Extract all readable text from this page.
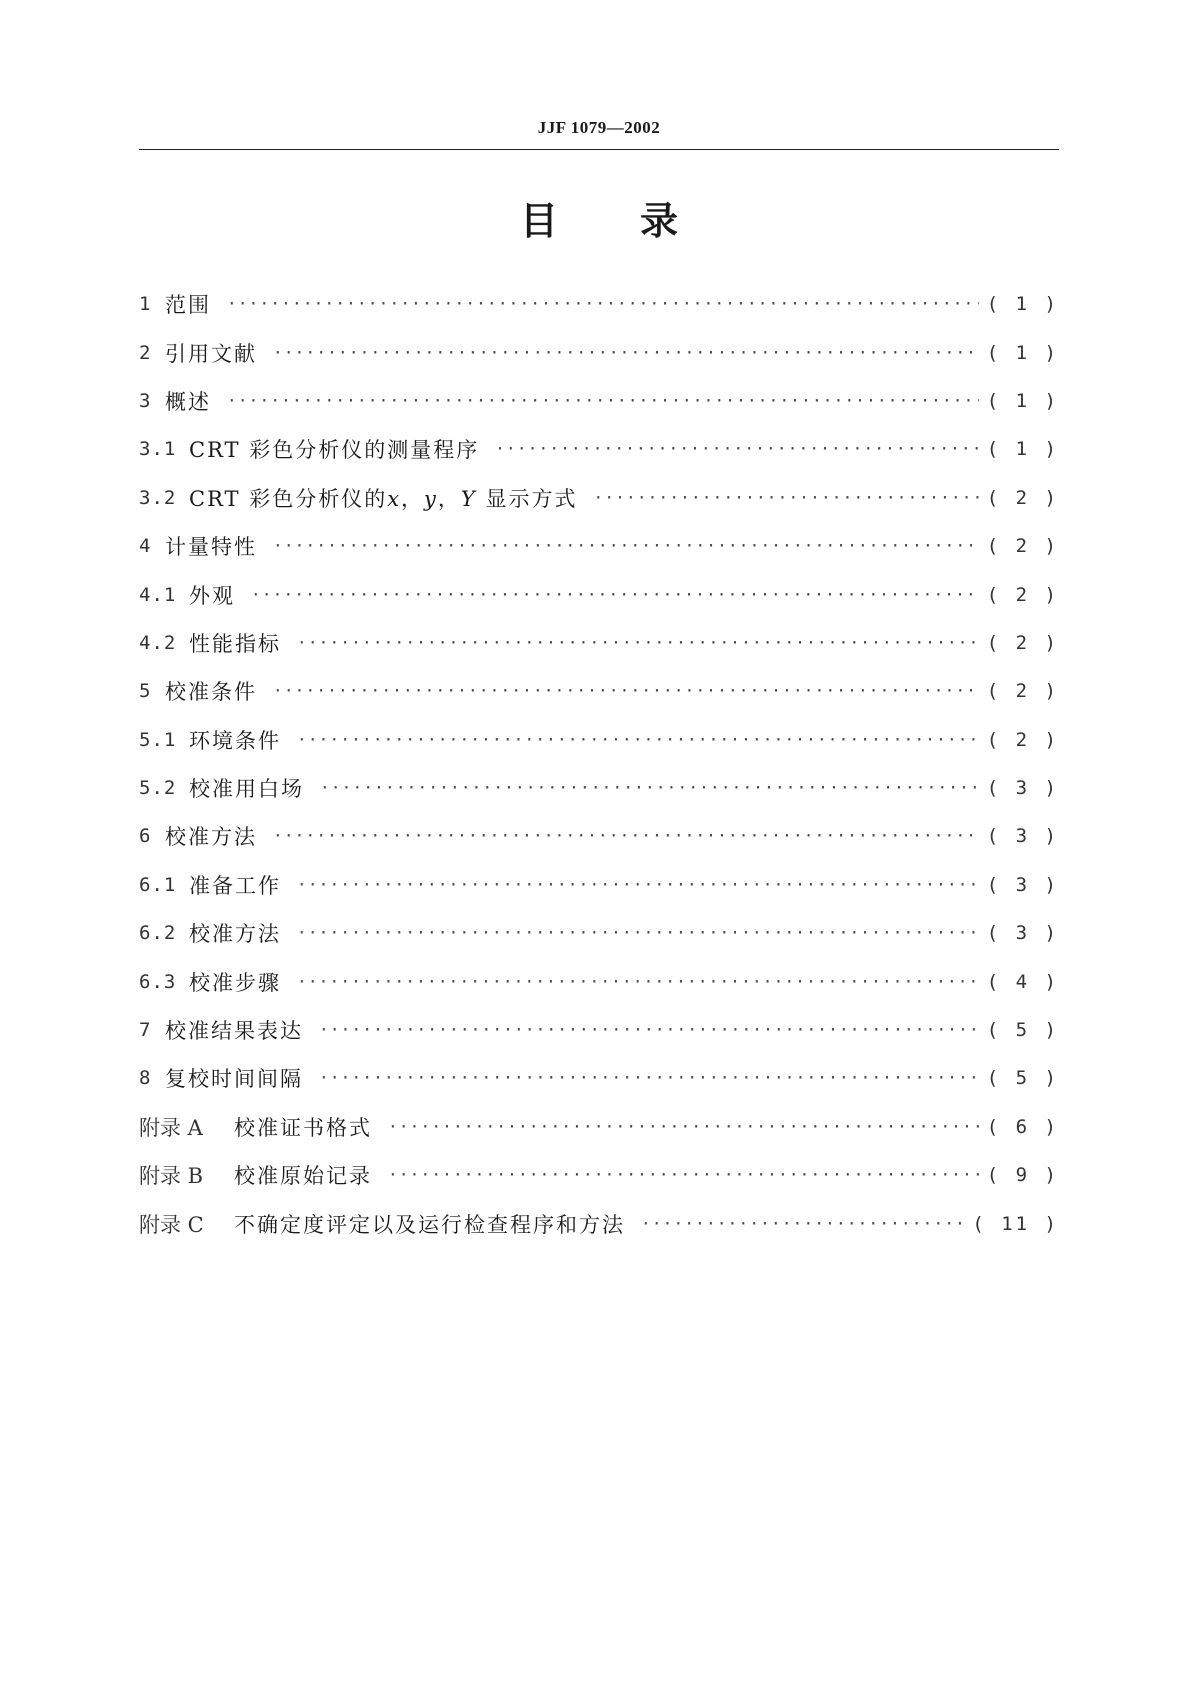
JJF 1079—2002
目 录
1 范围 ·····	( 1 )
2 引用文献 ·····	( 1 )
3 概述 ·····	( 1 )
3.1 CRT 彩色分析仪的测量程序 ·····	( 1 )
3.2 CRT 彩色分析仪的x，y，Y 显示方式 ·····	( 2 )
4 计量特性 ·····	( 2 )
4.1 外观 ·····	( 2 )
4.2 性能指标 ·····	( 2 )
5 校准条件 ·····	( 2 )
5.1 环境条件 ·····	( 2 )
5.2 校准用白场 ·····	( 3 )
6 校准方法 ·····	( 3 )
6.1 准备工作 ·····	( 3 )
6.2 校准方法 ·····	( 3 )
6.3 校准步骤 ·····	( 4 )
7 校准结果表达 ·····	( 5 )
8 复校时间间隔 ·····	( 5 )
附录 A	校准证书格式 ·····	( 6 )
附录 B	校准原始记录 ·····	( 9 )
附录 C	不确定度评定以及运行检查程序和方法 ·····	( 11 )
